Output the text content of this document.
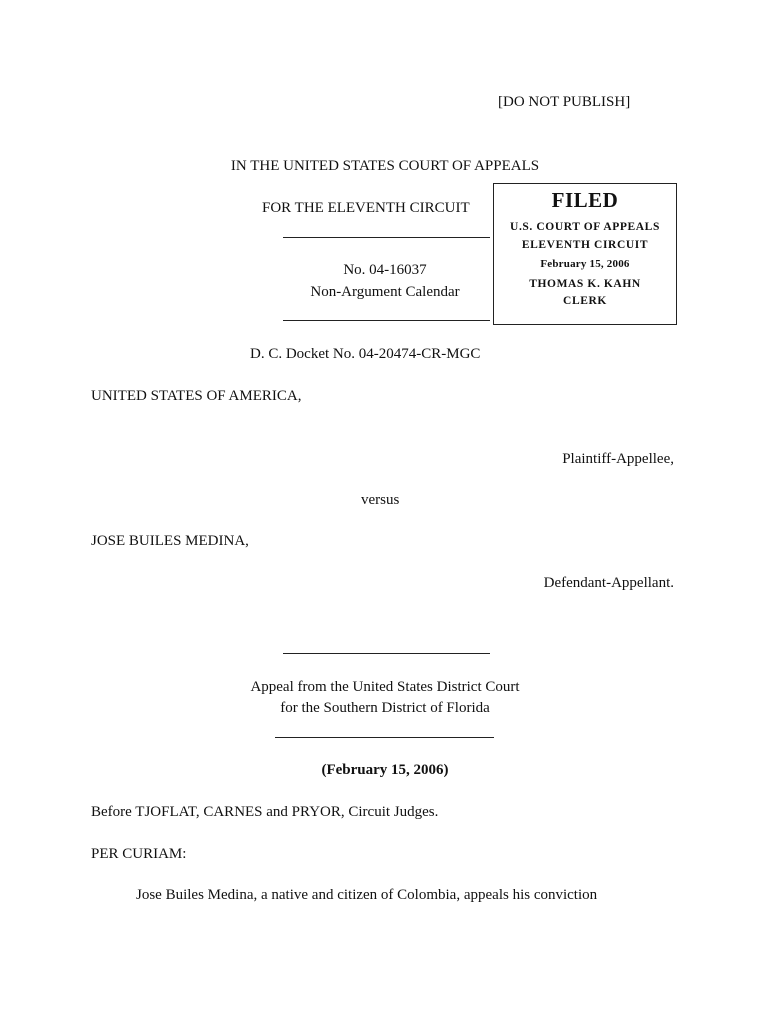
[DO NOT PUBLISH]
IN THE UNITED STATES COURT OF APPEALS
FOR THE ELEVENTH CIRCUIT
No. 04-16037
Non-Argument Calendar
FILED
U.S. COURT OF APPEALS
ELEVENTH CIRCUIT
February 15, 2006
THOMAS K. KAHN
CLERK
D. C. Docket No. 04-20474-CR-MGC
UNITED STATES OF AMERICA,
Plaintiff-Appellee,
versus
JOSE BUILES MEDINA,
Defendant-Appellant.
Appeal from the United States District Court
for the Southern District of Florida
(February 15, 2006)
Before TJOFLAT, CARNES and PRYOR, Circuit Judges.
PER CURIAM:
Jose Builes Medina, a native and citizen of Colombia, appeals his conviction
